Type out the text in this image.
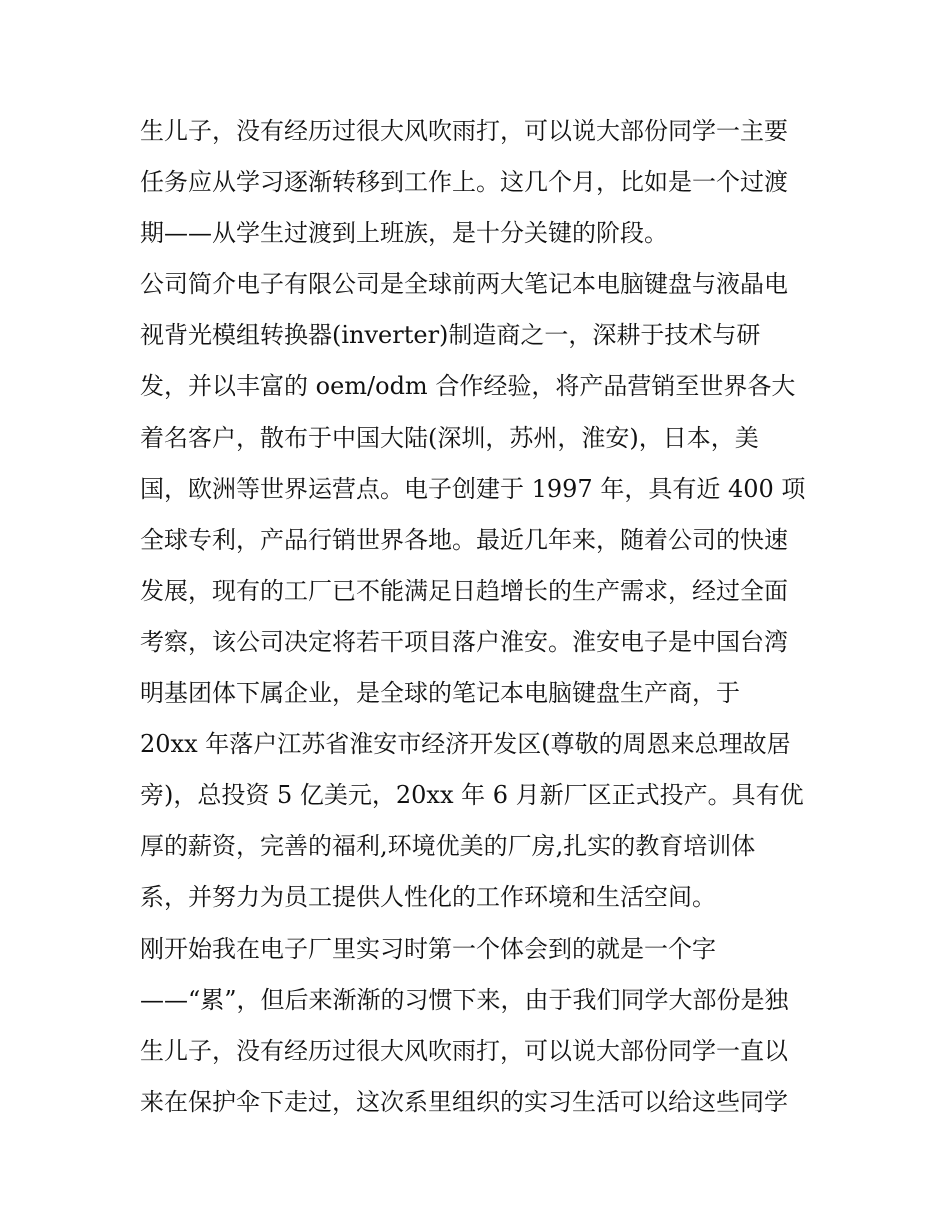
生儿子，没有经历过很大风吹雨打，可以说大部份同学一主要
任务应从学习逐渐转移到工作上。这几个月，比如是一个过渡
期——从学生过渡到上班族，是十分关键的阶段。
公司简介电子有限公司是全球前两大笔记本电脑键盘与液晶电
视背光模组转换器(inverter)制造商之一，深耕于技术与研
发，并以丰富的 oem/odm 合作经验，将产品营销至世界各大
着名客户，散布于中国大陆(深圳，苏州，淮安)，日本，美
国，欧洲等世界运营点。电子创建于 1997 年，具有近 400 项
全球专利，产品行销世界各地。最近几年来，随着公司的快速
发展，现有的工厂已不能满足日趋增长的生产需求，经过全面
考察，该公司决定将若干项目落户淮安。淮安电子是中国台湾
明基团体下属企业，是全球的笔记本电脑键盘生产商，于
20xx 年落户江苏省淮安市经济开发区(尊敬的周恩来总理故居
旁)，总投资 5 亿美元，20xx 年 6 月新厂区正式投产。具有优
厚的薪资，完善的福利,环境优美的厂房,扎实的教育培训体
系，并努力为员工提供人性化的工作环境和生活空间。
刚开始我在电子厂里实习时第一个体会到的就是一个字
——“累”，但后来渐渐的习惯下来，由于我们同学大部份是独
生儿子，没有经历过很大风吹雨打，可以说大部份同学一直以
来在保护伞下走过，这次系里组织的实习生活可以给这些同学
